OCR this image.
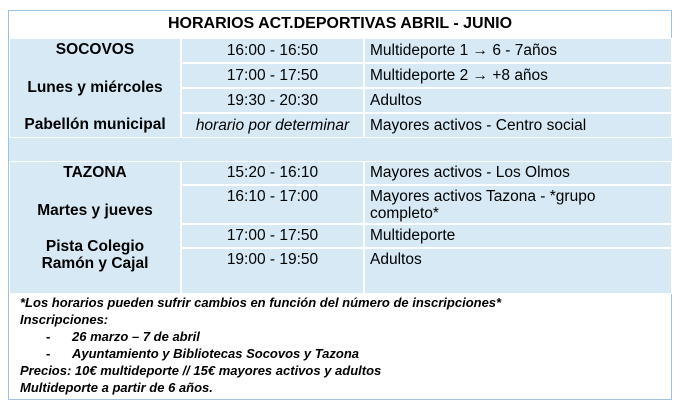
HORARIOS ACT.DEPORTIVAS ABRIL - JUNIO
SOCOVOS
Lunes y miércoles
Pabellón municipal
16:00 - 16:50	Multideporte 1 → 6 - 7años
17:00 - 17:50	Multideporte 2 → +8 años
19:30 - 20:30	Adultos
horario por determinar	Mayores activos - Centro social
TAZONA
Martes y jueves
Pista Colegio
Ramón y Cajal
15:20 - 16:10	Mayores activos - Los Olmos
16:10 - 17:00	Mayores activos Tazona - *grupo
completo*
17:00 - 17:50	Multideporte
19:00 - 19:50	Adultos
*Los horarios pueden sufrir cambios en función del número de inscripciones*
Inscripciones:
- 26 marzo – 7 de abril
- Ayuntamiento y Bibliotecas Socovos y Tazona
Precios: 10€ multideporte // 15€ mayores activos y adultos
Multideporte a partir de 6 años.
